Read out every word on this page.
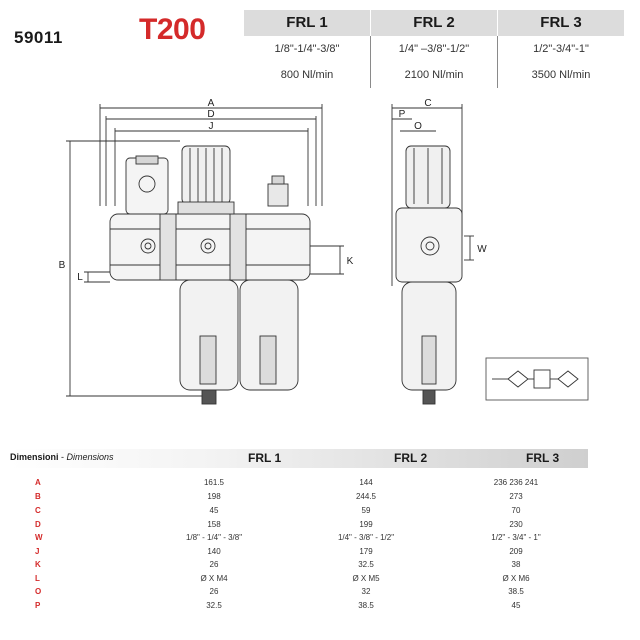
59011	T200	FRL 1	FRL 2	FRL 3
1/8"-1/4"-3/8"	1/4" –3/8"-1/2"	1/2"-3/4"-1"
800 Nl/min	2100 Nl/min	3500 Nl/min
A
D
J
B
L
K
C
P
O
W
Dimensioni - Dimensions	FRL 1	FRL 2	FRL 3
A	161.5	144	236 236 241
B	198	244.5	273
C	45	59	70
D	158	199	230
W	1/8" - 1/4" - 3/8"	1/4" - 3/8" - 1/2"	1/2" - 3/4" - 1"
J	140	179	209
K	26	32.5	38
L	Ø X M4	Ø X M5	Ø X M6
O	26	32	38.5
P	32.5	38.5	45
